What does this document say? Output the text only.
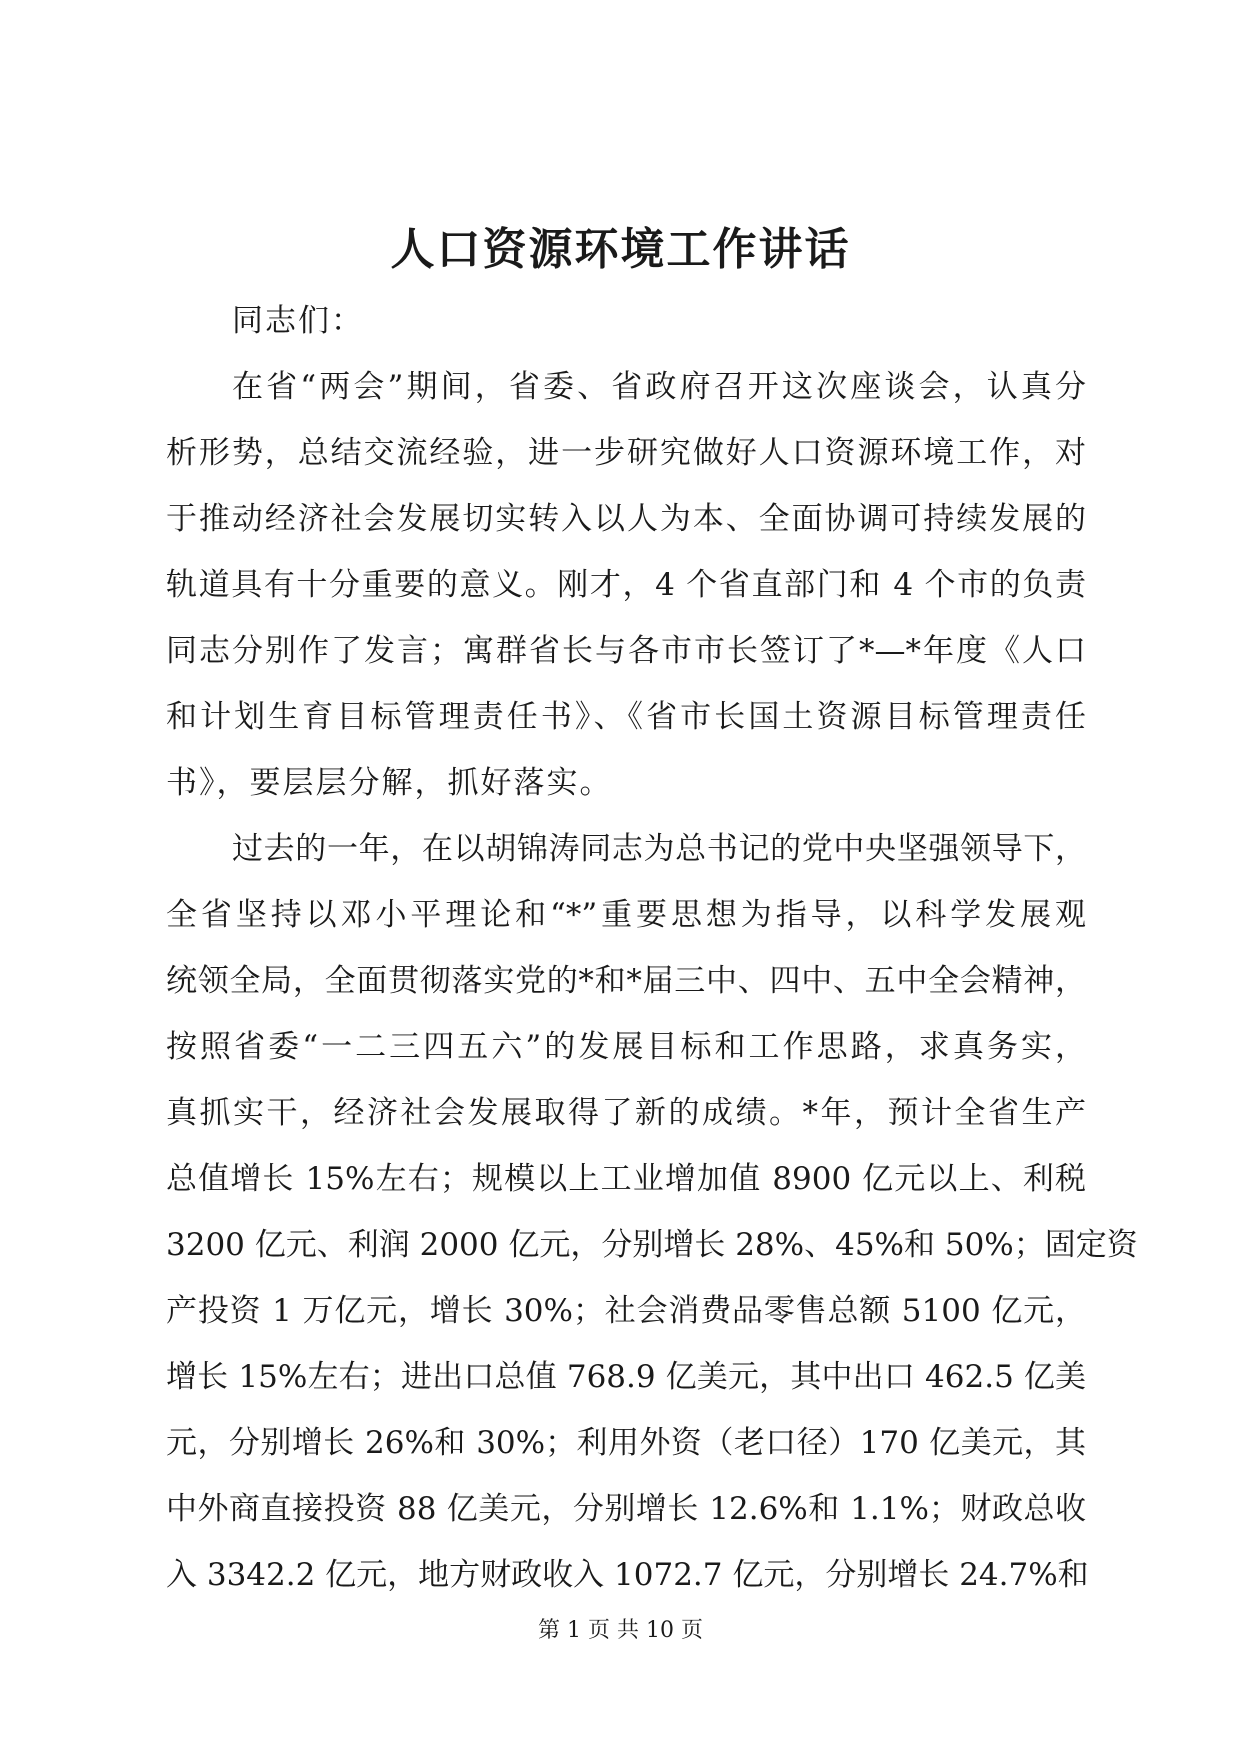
人口资源环境工作讲话

同志们：

在省“两会”期间，省委、省政府召开这次座谈会，认真分
析形势，总结交流经验，进一步研究做好人口资源环境工作，对
于推动经济社会发展切实转入以人为本、全面协调可持续发展的
轨道具有十分重要的意义。刚才，4 个省直部门和 4 个市的负责
同志分别作了发言；寓群省长与各市市长签订了*—*年度《人口
和计划生育目标管理责任书》、《省市长国土资源目标管理责任
书》，要层层分解，抓好落实。
过去的一年，在以胡锦涛同志为总书记的党中央坚强领导下，
全省坚持以邓小平理论和“*”重要思想为指导，以科学发展观
统领全局，全面贯彻落实党的*和*届三中、四中、五中全会精神，
按照省委“一二三四五六”的发展目标和工作思路，求真务实，
真抓实干，经济社会发展取得了新的成绩。*年，预计全省生产
总值增长 15%左右；规模以上工业增加值 8900 亿元以上、利税
3200 亿元、利润 2000 亿元，分别增长 28%、45%和 50%；固定资
产投资 1 万亿元，增长 30%；社会消费品零售总额 5100 亿元，
增长 15%左右；进出口总值 768.9 亿美元，其中出口 462.5 亿美
元，分别增长 26%和 30%；利用外资（老口径）170 亿美元，其
中外商直接投资 88 亿美元，分别增长 12.6%和 1.1%；财政总收
入 3342.2 亿元，地方财政收入 1072.7 亿元，分别增长 24.7%和

第 1 页 共 10 页
